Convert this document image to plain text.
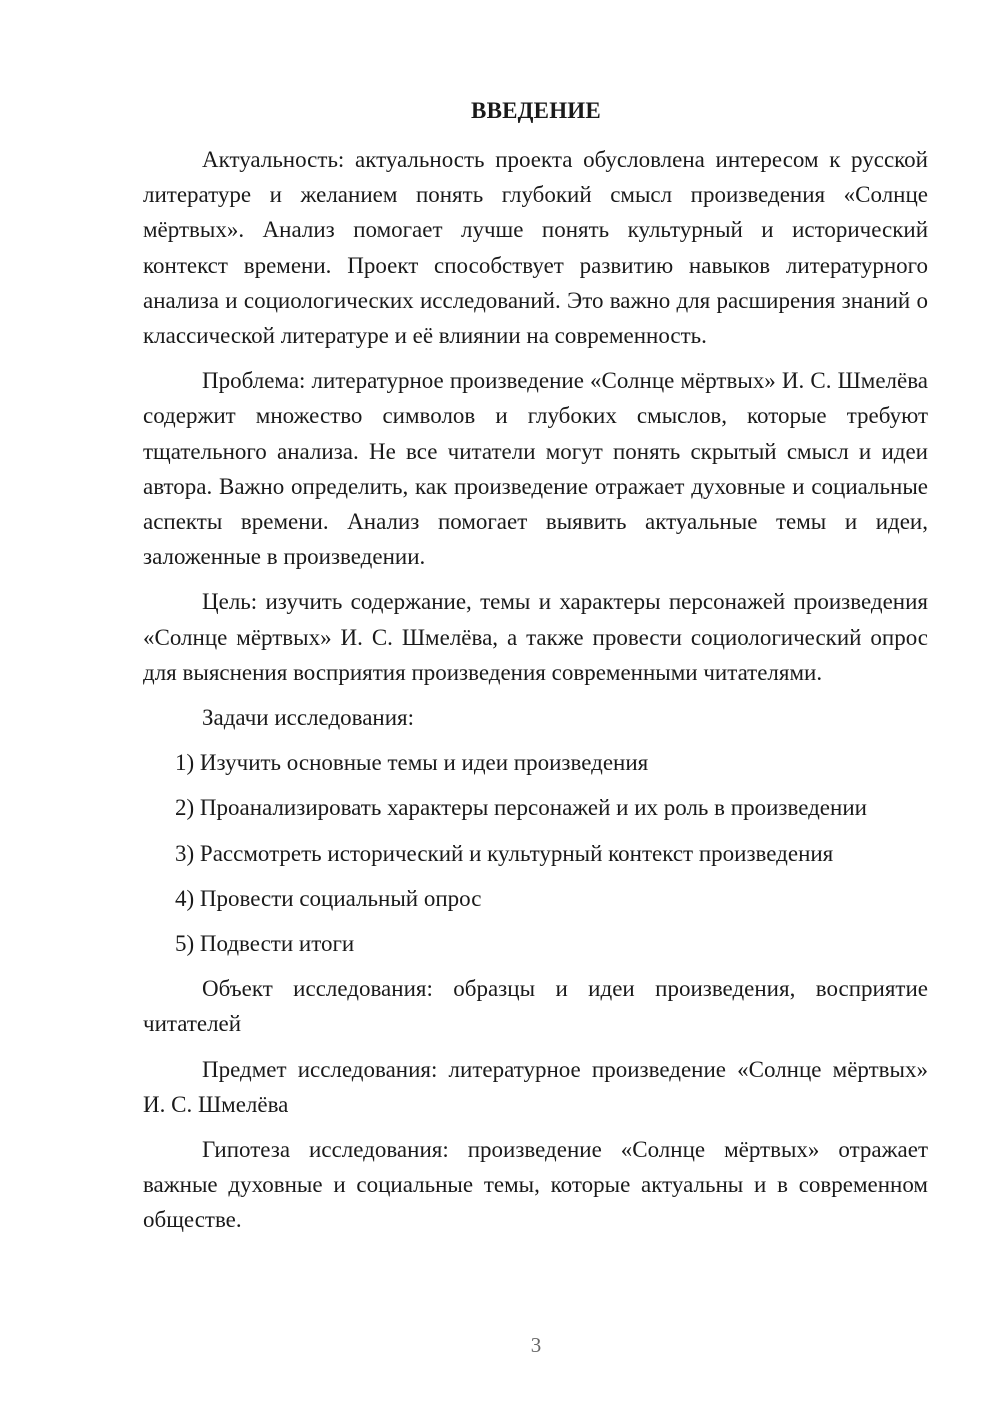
ВВЕДЕНИЕ

Актуальность: актуальность проекта обусловлена интересом к русской литературе и желанием понять глубокий смысл произведения «Солнце мёртвых». Анализ помогает лучше понять культурный и исторический контекст времени. Проект способствует развитию навыков литературного анализа и социологических исследований. Это важно для расширения знаний о классической литературе и её влиянии на современность.

Проблема: литературное произведение «Солнце мёртвых» И. С. Шмелёва содержит множество символов и глубоких смыслов, которые требуют тщательного анализа. Не все читатели могут понять скрытый смысл и идеи автора. Важно определить, как произведение отражает духовные и социальные аспекты времени. Анализ помогает выявить актуальные темы и идеи, заложенные в произведении.

Цель: изучить содержание, темы и характеры персонажей произведения «Солнце мёртвых» И. С. Шмелёва, а также провести социологический опрос для выяснения восприятия произведения современными читателями.

Задачи исследования:

1) Изучить основные темы и идеи произведения
2) Проанализировать характеры персонажей и их роль в произведении
3) Рассмотреть исторический и культурный контекст произведения
4) Провести социальный опрос
5) Подвести итоги

Объект исследования: образцы и идеи произведения, восприятие читателей

Предмет исследования: литературное произведение «Солнце мёртвых» И. С. Шмелёва

Гипотеза исследования: произведение «Солнце мёртвых» отражает важные духовные и социальные темы, которые актуальны и в современном обществе.

3
